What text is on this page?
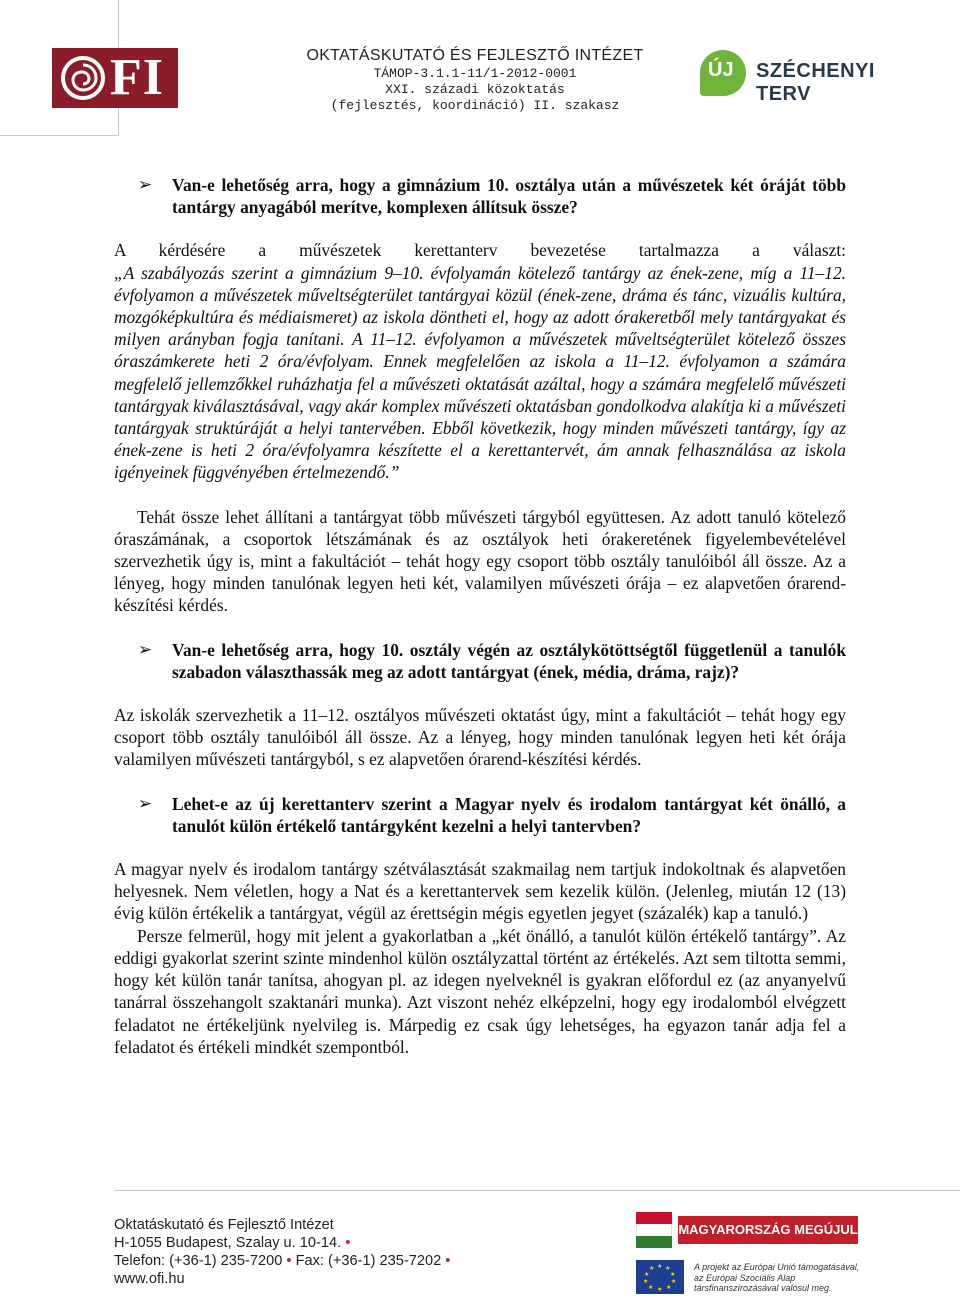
FI	OKTATÁSKUTATÓ ÉS FEJLESZTŐ INTÉZET
TÁMOP-3.1.1-11/1-2012-0001
XXI. századi közoktatás
(fejlesztés, koordináció) II. szakasz
ÚJ SZÉCHENYI TERV
➢ Van-e lehetőség arra, hogy a gimnázium 10. osztálya után a művészetek két óráját több tantárgy anyagából merítve, komplexen állítsuk össze?

A kérdésére a művészetek kerettanterv bevezetése tartalmazza a választ:

„A szabályozás szerint a gimnázium 9–10. évfolyamán kötelező tantárgy az ének-zene, míg a 11–12. évfolyamon a művészetek műveltségterület tantárgyai közül (ének-zene, dráma és tánc, vizuális kultúra, mozgóképkultúra és médiaismeret) az iskola döntheti el, hogy az adott órakeretből mely tantárgyakat és milyen arányban fogja tanítani. A 11–12. évfolyamon a művészetek műveltségterület kötelező összes óraszámkerete heti 2 óra/évfolyam. Ennek megfelelően az iskola a 11–12. évfolyamon a számára megfelelő jellemzőkkel ruházhatja fel a művészeti oktatását azáltal, hogy a számára megfelelő művészeti tantárgyak kiválasztásával, vagy akár komplex művészeti oktatásban gondolkodva alakítja ki a művészeti tantárgyak struktúráját a helyi tantervében. Ebből következik, hogy minden művészeti tantárgy, így az ének-zene is heti 2 óra/évfolyamra készítette el a kerettantervét, ám annak felhasználása az iskola igényeinek függvényében értelmezendő.”

Tehát össze lehet állítani a tantárgyat több művészeti tárgyból együttesen. Az adott tanuló kötelező óraszámának, a csoportok létszámának és az osztályok heti órakeretének figyelembevételével szervezhetik úgy is, mint a fakultációt – tehát hogy egy csoport több osztály tanulóiból áll össze. Az a lényeg, hogy minden tanulónak legyen heti két, valamilyen művészeti órája – ez alapvetően órarend-készítési kérdés.

➢ Van-e lehetőség arra, hogy 10. osztály végén az osztálykötöttségtől függetlenül a tanulók szabadon választhassák meg az adott tantárgyat (ének, média, dráma, rajz)?

Az iskolák szervezhetik a 11–12. osztályos művészeti oktatást úgy, mint a fakultációt – tehát hogy egy csoport több osztály tanulóiból áll össze. Az a lényeg, hogy minden tanulónak legyen heti két órája valamilyen művészeti tantárgyból, s ez alapvetően órarend-készítési kérdés.

➢ Lehet-e az új kerettanterv szerint a Magyar nyelv és irodalom tantárgyat két önálló, a tanulót külön értékelő tantárgyként kezelni a helyi tantervben?

A magyar nyelv és irodalom tantárgy szétválasztását szakmailag nem tartjuk indokoltnak és alapvetően helyesnek. Nem véletlen, hogy a Nat és a kerettantervek sem kezelik külön. (Jelenleg, miután 12 (13) évig külön értékelik a tantárgyat, végül az érettségin mégis egyetlen jegyet (százalék) kap a tanuló.)

Persze felmerül, hogy mit jelent a gyakorlatban a „két önálló, a tanulót külön értékelő tantárgy”. Az eddigi gyakorlat szerint szinte mindenhol külön osztályzattal történt az értékelés. Azt sem tiltotta semmi, hogy két külön tanár tanítsa, ahogyan pl. az idegen nyelveknél is gyakran előfordul ez (az anyanyelvű tanárral összehangolt szaktanári munka). Azt viszont nehéz elképzelni, hogy egy irodalomból elvégzett feladatot ne értékeljünk nyelvileg is. Márpedig ez csak úgy lehetséges, ha egyazon tanár adja fel a feladatot és értékeli mindkét szempontból.

Oktatáskutató és Fejlesztő Intézet
H-1055 Budapest, Szalay u. 10-14. •
Telefon: (+36-1) 235-7200 • Fax: (+36-1) 235-7202 •
www.ofi.hu
MAGYARORSZÁG MEGÚJUL
★ ★
★
★
★
★
★
★
★
★	A projekt az Európai Unió támogatásával,
az Európai Szociális Alap
társfinanszírozásával valósul meg.
